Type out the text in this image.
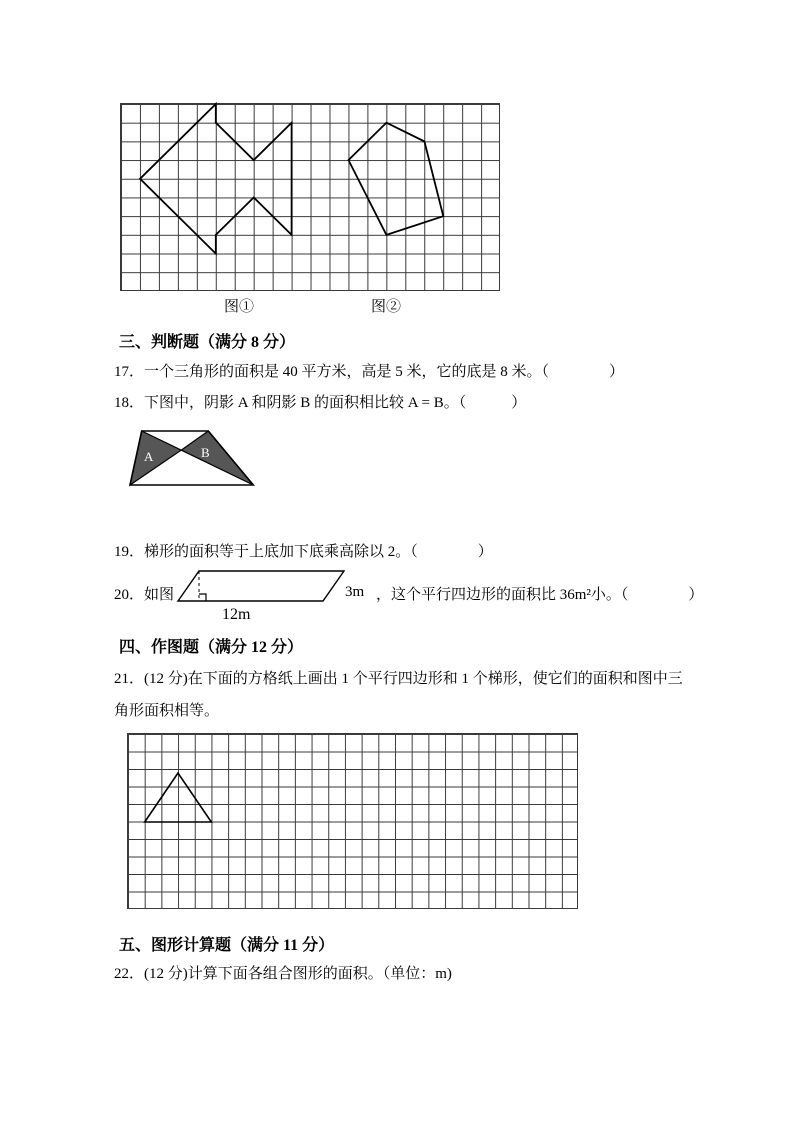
图①	图②

三、判断题（满分 8 分）

17．一个三角形的面积是 40 平方米，高是 5 米，它的底是 8 米。（　　　　）

18．下图中，阴影 A 和阴影 B 的面积相比较 A = B。（　　　）

A	B

19．梯形的面积等于上底加下底乘高除以 2。（　　　　）

20．如图	3m
12m

，这个平行四边形的面积比 36m²小。（　　　　）

四、作图题（满分 12 分）

21．(12 分)在下面的方格纸上画出 1 个平行四边形和 1 个梯形，使它们的面积和图中三角形面积相等。

五、图形计算题（满分 11 分）

22．(12 分)计算下面各组合图形的面积。（单位：m)
